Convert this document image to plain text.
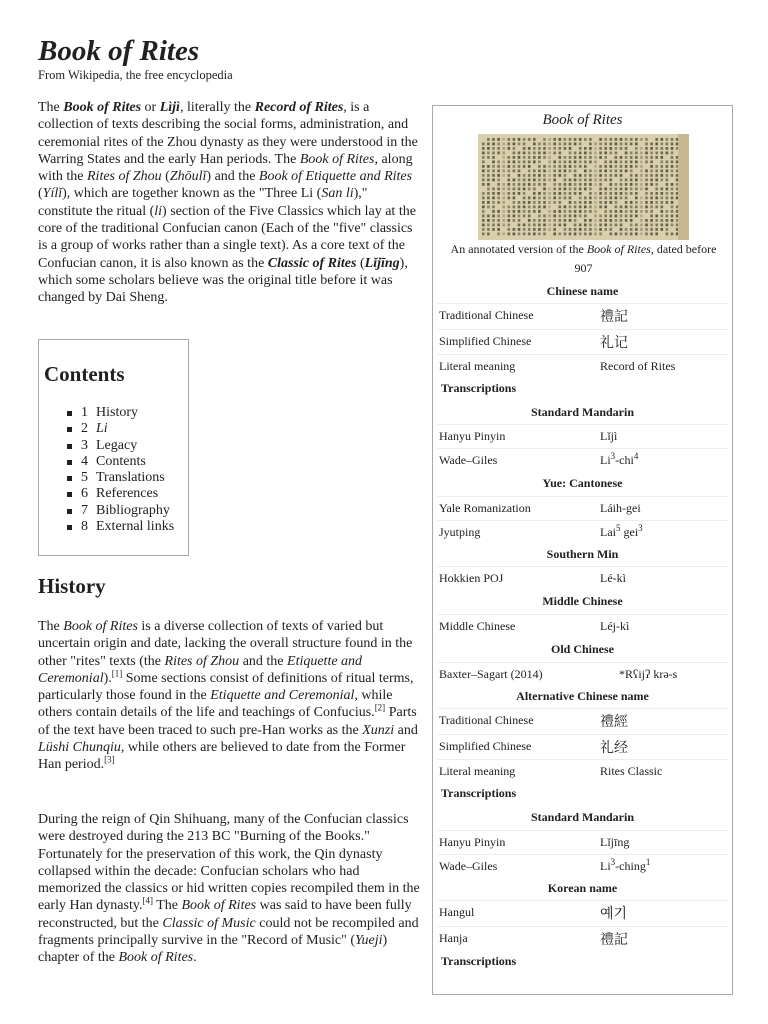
Book of Rites
From Wikipedia, the free encyclopedia

The Book of Rites or Lìjì, literally the Record of Rites, is a collection of texts describing the social forms, administration, and ceremonial rites of the Zhou dynasty as they were understood in the Warring States and the early Han periods. The Book of Rites, along with the Rites of Zhou (Zhōulǐ) and the Book of Etiquette and Rites (Yílǐ), which are together known as the "Three Li (San li)," constitute the ritual (li) section of the Five Classics which lay at the core of the traditional Confucian canon (Each of the "five" classics is a group of works rather than a single text). As a core text of the Confucian canon, it is also known as the Classic of Rites (Lǐjīng), which some scholars believe was the original title before it was changed by Dai Sheng.

Contents
1 History
2 Li
3 Legacy
4 Contents
5 Translations
6 References
7 Bibliography
8 External links
History

The Book of Rites is a diverse collection of texts of varied but uncertain origin and date, lacking the overall structure found in the other "rites" texts (the Rites of Zhou and the Etiquette and Ceremonial).[1] Some sections consist of definitions of ritual terms, particularly those found in the Etiquette and Ceremonial, while others contain details of the life and teachings of Confucius.[2] Parts of the text have been traced to such pre-Han works as the Xunzi and Lüshi Chunqiu, while others are believed to date from the Former Han period.[3]

During the reign of Qin Shihuang, many of the Confucian classics were destroyed during the 213 BC "Burning of the Books." Fortunately for the preservation of this work, the Qin dynasty collapsed within the decade: Confucian scholars who had memorized the classics or hid written copies recompiled them in the early Han dynasty.[4] The Book of Rites was said to have been fully reconstructed, but the Classic of Music could not be recompiled and fragments principally survive in the "Record of Music" (Yueji) chapter of the Book of Rites.

Book of Rites
An annotated version of the Book of Rites, dated before 907
Chinese name
Traditional Chinese	禮記
Simplified Chinese	礼记
Literal meaning	Record of Rites
Transcriptions
Standard Mandarin
Hanyu Pinyin	Lǐjì
Wade–Giles	Li$^3$-chi$^4$
Yue: Cantonese
Yale Romanization	Láih-gei
Jyutping	Lai$^5$ gei$^3$
Southern Min
Hokkien POJ	Lé-kì
Middle Chinese
Middle Chinese	Léj-kì
Old Chinese
Baxter–Sagart (2014)	*Rʕijʔ krə-s
Alternative Chinese name
Traditional Chinese	禮經
Simplified Chinese	礼经
Literal meaning	Rites Classic
Transcriptions
Standard Mandarin
Hanyu Pinyin	Lǐjīng
Wade–Giles	Li$^3$-ching$^1$
Korean name
Hangul	예기
Hanja	禮記
Transcriptions
